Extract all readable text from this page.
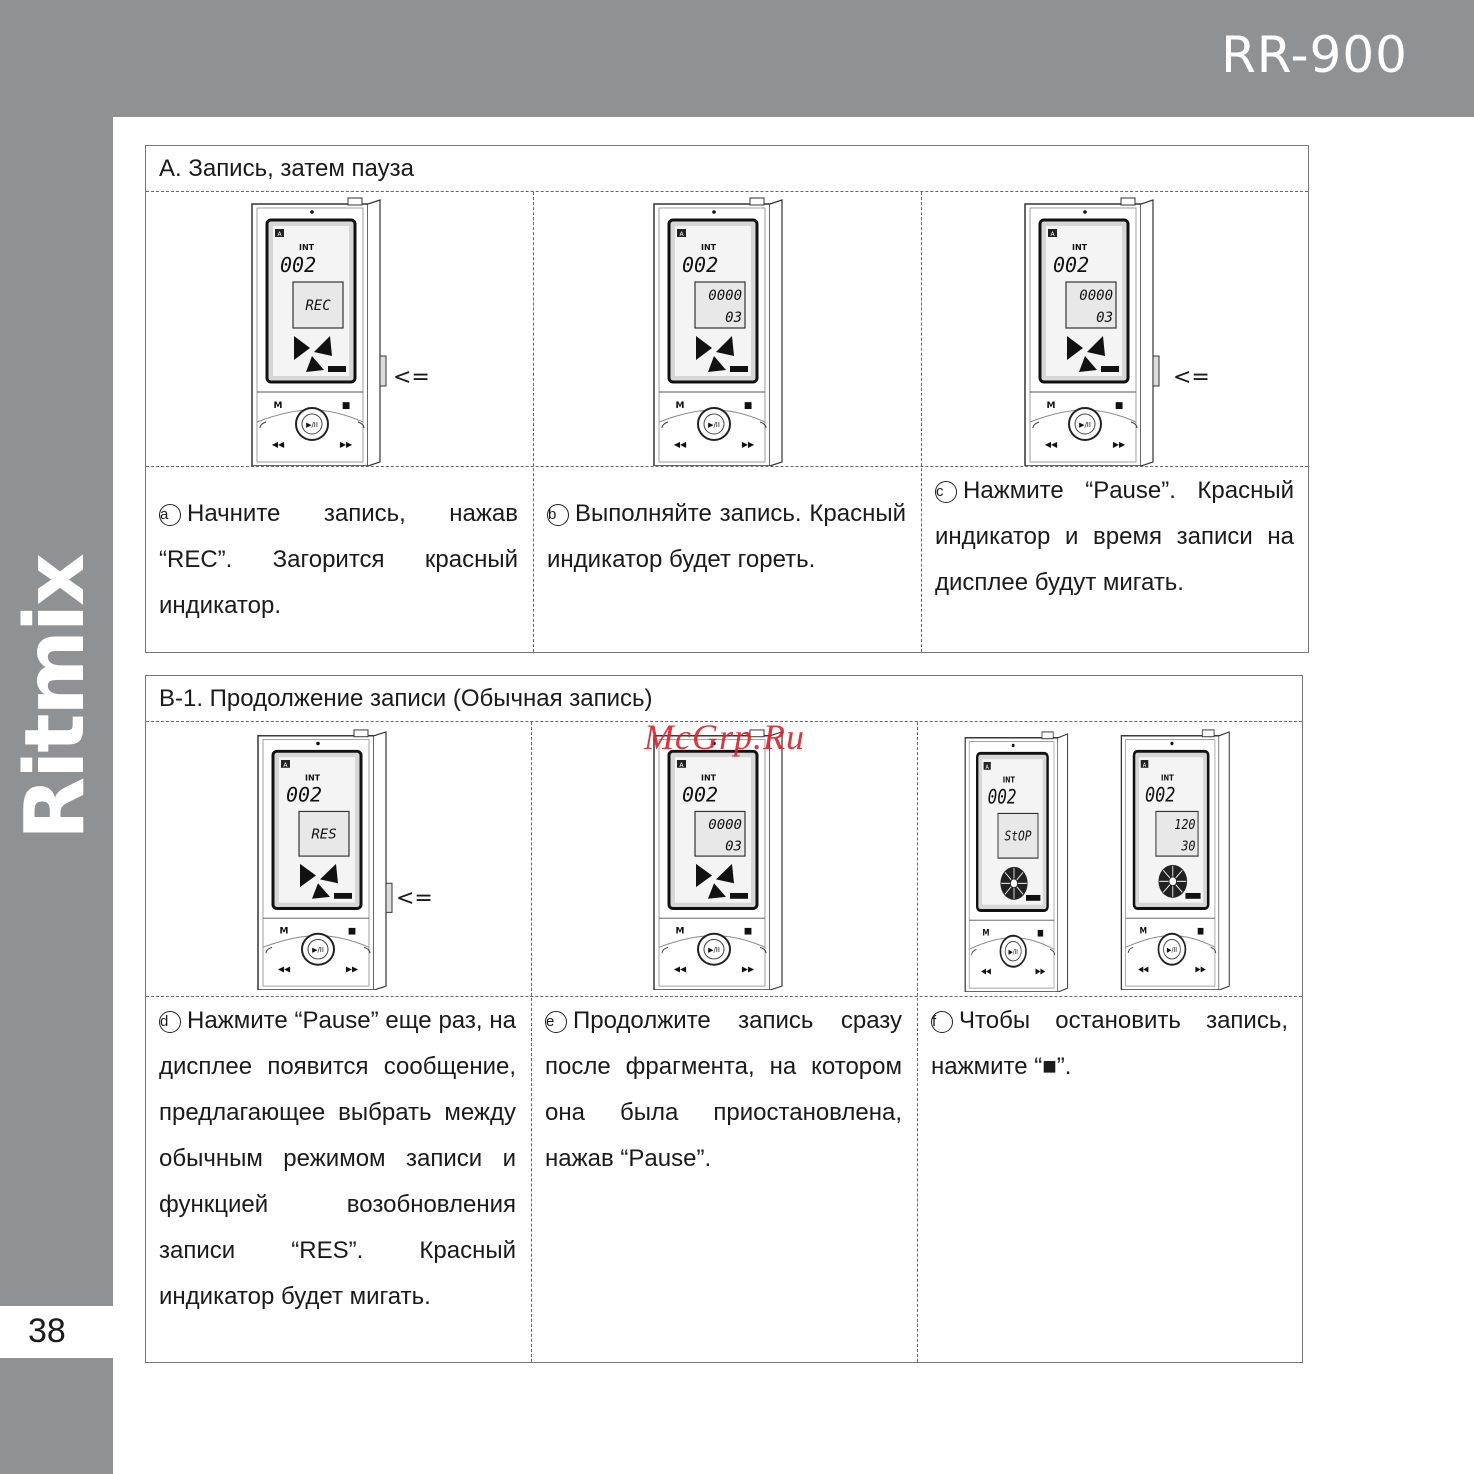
RR-900
Ritmix
38
A. Запись, затем пауза
B-1. Продолжение записи (Обычная запись)
a Начните запись, нажав “REC”. Загорится красный индикатор.
b Выполняйте запись. Красный индикатор будет гореть.
c Нажмите “Pause”. Красный индикатор и время записи на дисплее будут мигать.
d Нажмите “Pause” еще раз, на дисплее появится сообщение, предлагающее выбрать между обычным режимом записи и функцией возобновления записи “RES”. Красный индикатор будет мигать.
e Продолжите запись сразу после фрагмента, на котором она была приостановлена, нажав “Pause”.
f Чтобы остановить запись, нажмите “■”.
A
INT
002
REC
▶/II
M	■
◀◀	▶▶
A
INT
002
0000
03
▶/II
M	■
◀◀	▶▶
A
INT
002
0000
03
▶/II
M	■
◀◀	▶▶
A
INT
002
RES
▶/II
M	■
◀◀	▶▶
A
INT
002
0000
03
▶/II
M	■
◀◀	▶▶
A
INT
002
StOP
▶/II
M	■
◀◀	▶▶
A
INT
002
120
30
▶/II
M	■
◀◀	▶▶
<=	<=
<=
McGrp.Ru
